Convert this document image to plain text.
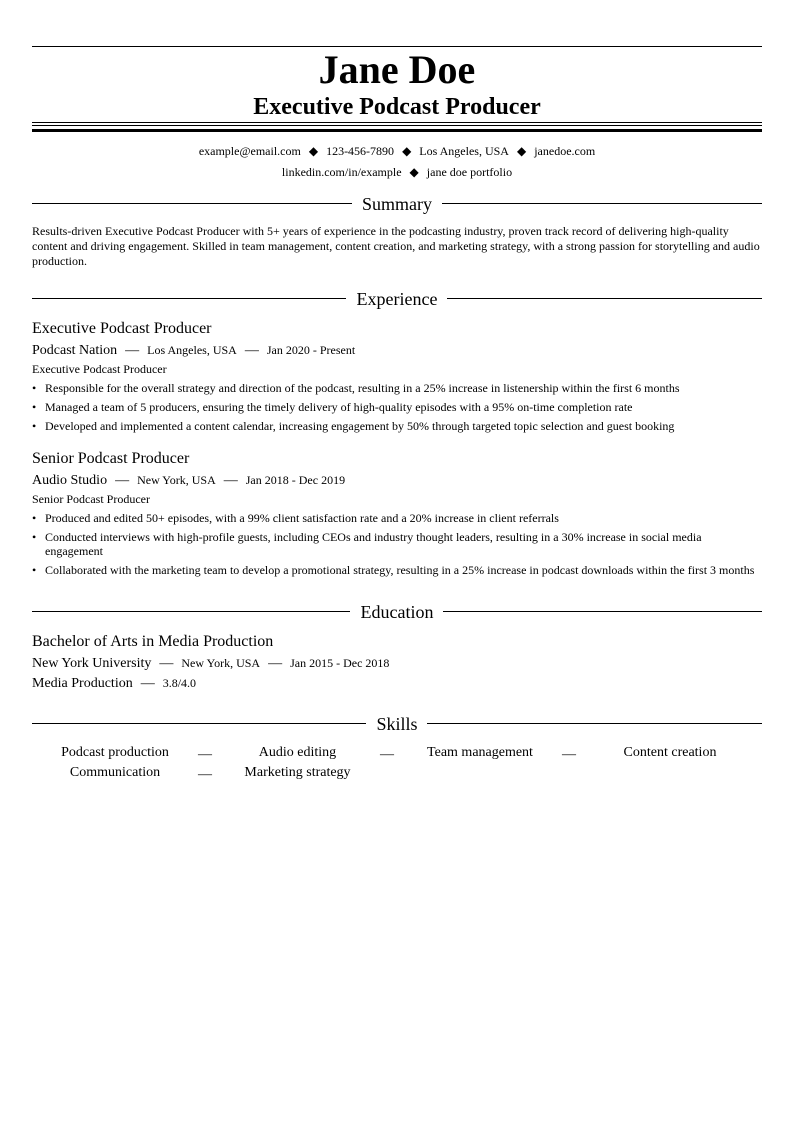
Jane Doe
Executive Podcast Producer
example@email.com ◆ 123-456-7890 ◆ Los Angeles, USA ◆ janedoe.com
linkedin.com/in/example ◆ jane doe portfolio
Summary
Results-driven Executive Podcast Producer with 5+ years of experience in the podcasting industry, proven track record of delivering high-quality content and driving engagement. Skilled in team management, content creation, and marketing strategy, with a strong passion for storytelling and audio production.
Experience
Executive Podcast Producer
Podcast Nation — Los Angeles, USA — Jan 2020 - Present
Executive Podcast Producer
• Responsible for the overall strategy and direction of the podcast, resulting in a 25% increase in listenership within the first 6 months
• Managed a team of 5 producers, ensuring the timely delivery of high-quality episodes with a 95% on-time completion rate
• Developed and implemented a content calendar, increasing engagement by 50% through targeted topic selection and guest booking
Senior Podcast Producer
Audio Studio — New York, USA — Jan 2018 - Dec 2019
Senior Podcast Producer
• Produced and edited 50+ episodes, with a 99% client satisfaction rate and a 20% increase in client referrals
• Conducted interviews with high-profile guests, including CEOs and industry thought leaders, resulting in a 30% increase in social media engagement
• Collaborated with the marketing team to develop a promotional strategy, resulting in a 25% increase in podcast downloads within the first 3 months
Education
Bachelor of Arts in Media Production
New York University — New York, USA — Jan 2015 - Dec 2018
Media Production — 3.8/4.0
Skills
Podcast production	—	Audio editing	—	Team management	—	Content creation
Communication	—	Marketing strategy
